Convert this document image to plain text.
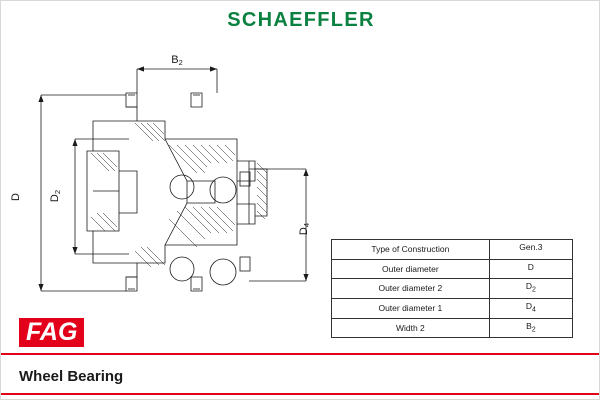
SCHAEFFLER
D D2
D4
B2
Type of Construction	Gen.3
Outer diameter	D
Outer diameter 2	$D_2$
Outer diameter 1	$D_4$
Width 2	$B_2$
FAG
Wheel Bearing
